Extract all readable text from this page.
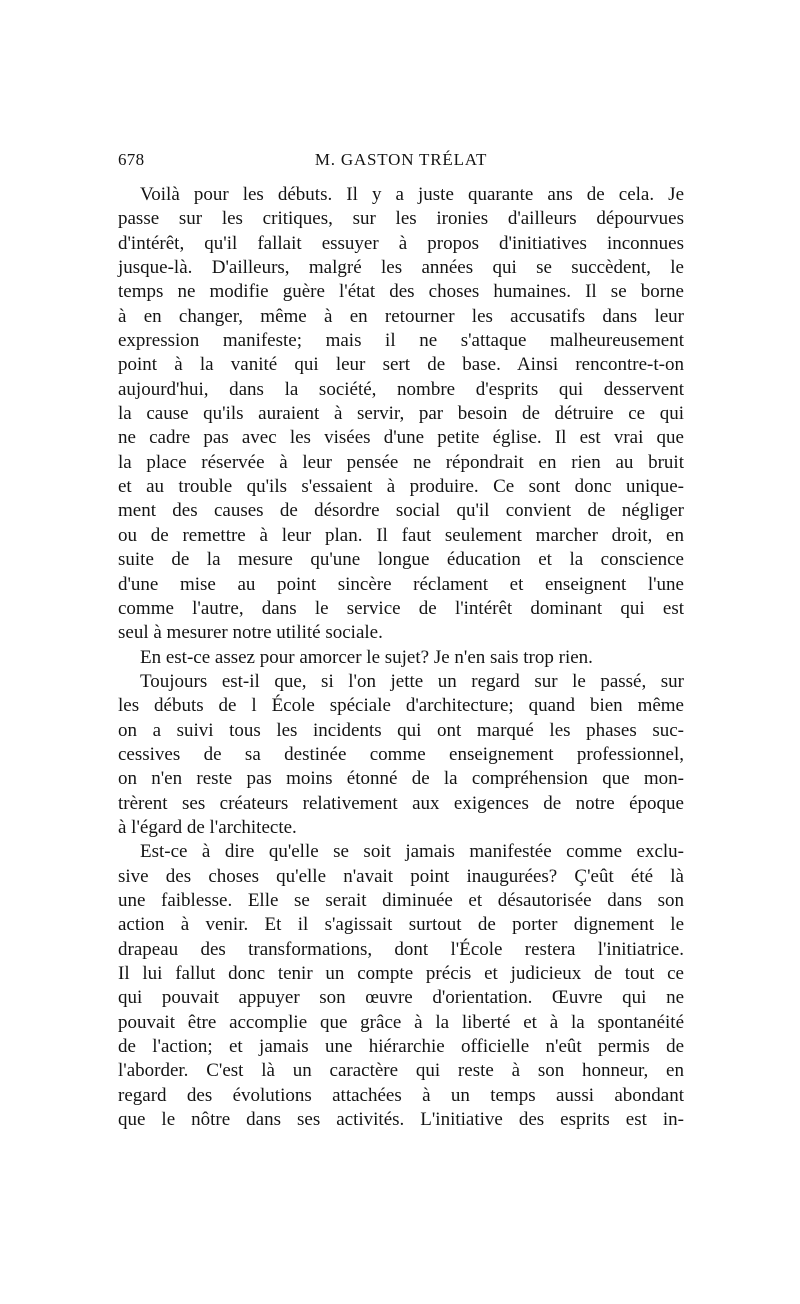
678	M. GASTON TRÉLAT
Voilà pour les débuts. Il y a juste quarante ans de cela. Je
passe sur les critiques, sur les ironies d'ailleurs dépourvues
d'intérêt, qu'il fallait essuyer à propos d'initiatives inconnues
jusque-là. D'ailleurs, malgré les années qui se succèdent, le
temps ne modifie guère l'état des choses humaines. Il se borne
à en changer, même à en retourner les accusatifs dans leur
expression manifeste; mais il ne s'attaque malheureusement
point à la vanité qui leur sert de base. Ainsi rencontre-t-on
aujourd'hui, dans la société, nombre d'esprits qui desservent
la cause qu'ils auraient à servir, par besoin de détruire ce qui
ne cadre pas avec les visées d'une petite église. Il est vrai que
la place réservée à leur pensée ne répondrait en rien au bruit
et au trouble qu'ils s'essaient à produire. Ce sont donc unique-
ment des causes de désordre social qu'il convient de négliger
ou de remettre à leur plan. Il faut seulement marcher droit, en
suite de la mesure qu'une longue éducation et la conscience
d'une mise au point sincère réclament et enseignent l'une
comme l'autre, dans le service de l'intérêt dominant qui est
seul à mesurer notre utilité sociale.
En est-ce assez pour amorcer le sujet? Je n'en sais trop rien.
Toujours est-il que, si l'on jette un regard sur le passé, sur
les débuts de l École spéciale d'architecture; quand bien même
on a suivi tous les incidents qui ont marqué les phases suc-
cessives de sa destinée comme enseignement professionnel,
on n'en reste pas moins étonné de la compréhension que mon-
trèrent ses créateurs relativement aux exigences de notre époque
à l'égard de l'architecte.
Est-ce à dire qu'elle se soit jamais manifestée comme exclu-
sive des choses qu'elle n'avait point inaugurées? Ç'eût été là
une faiblesse. Elle se serait diminuée et désautorisée dans son
action à venir. Et il s'agissait surtout de porter dignement le
drapeau des transformations, dont l'École restera l'initiatrice.
Il lui fallut donc tenir un compte précis et judicieux de tout ce
qui pouvait appuyer son œuvre d'orientation. Œuvre qui ne
pouvait être accomplie que grâce à la liberté et à la spontanéité
de l'action; et jamais une hiérarchie officielle n'eût permis de
l'aborder. C'est là un caractère qui reste à son honneur, en
regard des évolutions attachées à un temps aussi abondant
que le nôtre dans ses activités. L'initiative des esprits est in-
